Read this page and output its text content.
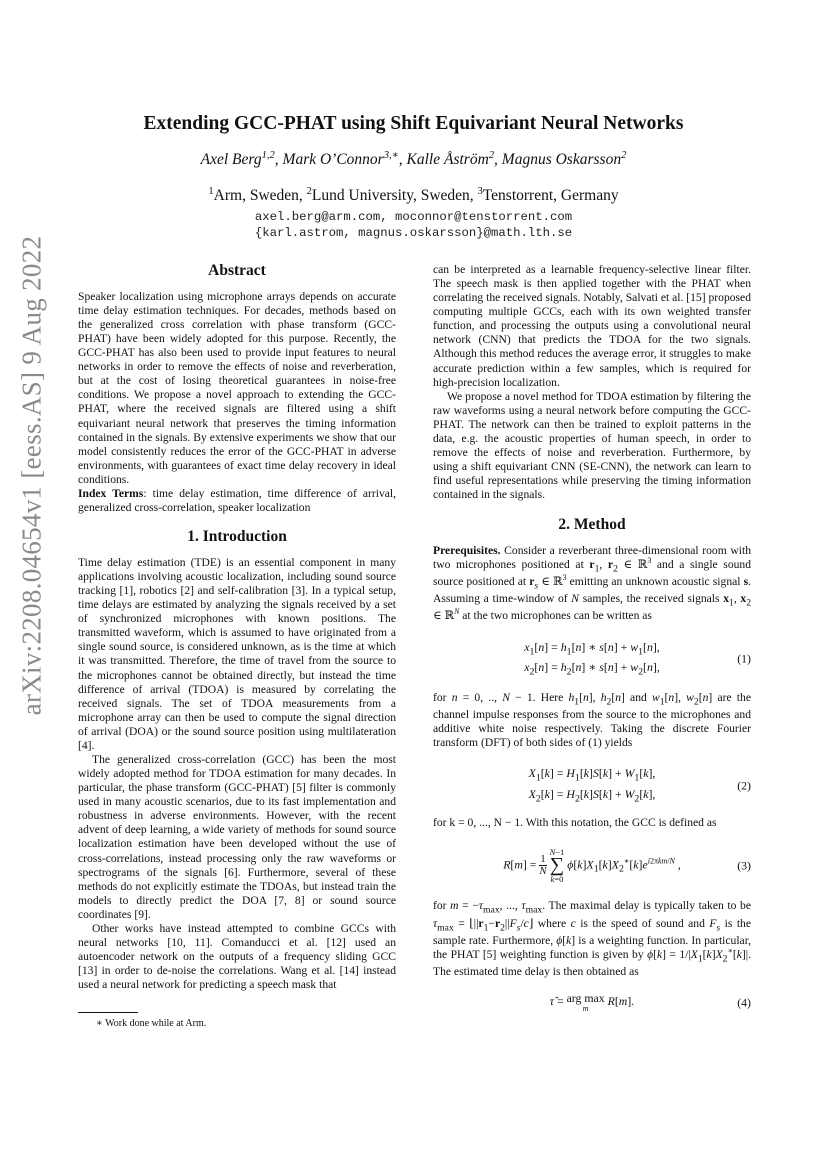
arXiv:2208.04654v1 [eess.AS] 9 Aug 2022
Extending GCC-PHAT using Shift Equivariant Neural Networks
Axel Berg$^{1,2}$, Mark O’Connor$^{3,∗}$, Kalle Åström$^2$, Magnus Oskarsson$^2$
$^1$Arm, Sweden, $^2$Lund University, Sweden, $^3$Tenstorrent, Germany
axel.berg@arm.com, moconnor@tenstorrent.com
{karl.astrom, magnus.oskarsson}@math.lth.se
Abstract

Speaker localization using microphone arrays depends on accurate time delay estimation techniques. For decades, methods based on the generalized cross correlation with phase transform (GCC-PHAT) have been widely adopted for this purpose. Recently, the GCC-PHAT has also been used to provide input features to neural networks in order to remove the effects of noise and reverberation, but at the cost of losing theoretical guarantees in noise-free conditions. We propose a novel approach to extending the GCC-PHAT, where the received signals are filtered using a shift equivariant neural network that preserves the timing information contained in the signals. By extensive experiments we show that our model consistently reduces the error of the GCC-PHAT in adverse environments, with guarantees of exact time delay recovery in ideal conditions.

Index Terms: time delay estimation, time difference of arrival, generalized cross-correlation, speaker localization

1. Introduction

Time delay estimation (TDE) is an essential component in many applications involving acoustic localization, including sound source tracking [1], robotics [2] and self-calibration [3]. In a typical setup, time delays are estimated by analyzing the signals received by a set of synchronized microphones with known positions. The transmitted waveform, which is assumed to have originated from a single sound source, is considered unknown, as is the time at which it was transmitted. Therefore, the time of travel from the source to the microphones cannot be obtained directly, but instead the time difference of arrival (TDOA) is measured by correlating the received signals. The set of TDOA measurements from a microphone array can then be used to compute the signal direction of arrival (DOA) or the sound source position using multilateration [4].

The generalized cross-correlation (GCC) has been the most widely adopted method for TDOA estimation for many decades. In particular, the phase transform (GCC-PHAT) [5] filter is commonly used in many acoustic scenarios, due to its fast implementation and robustness in adverse environments. However, with the recent advent of deep learning, a wide variety of methods for sound source localization estimation have been developed without the use of cross-correlations, instead processing only the raw waveforms or spectrograms of the signals [6]. Furthermore, several of these methods do not explicitly estimate the TDOAs, but instead train the models to directly predict the DOA [7, 8] or sound source coordinates [9].

Other works have instead attempted to combine GCCs with neural networks [10, 11]. Comanducci et al. [12] used an autoencoder network on the outputs of a frequency sliding GCC [13] in order to de-noise the correlations. Wang et al. [14] instead used a neural network for predicting a speech mask that

∗ Work done while at Arm.

can be interpreted as a learnable frequency-selective linear filter. The speech mask is then applied together with the PHAT when correlating the received signals. Notably, Salvati et al. [15] proposed computing multiple GCCs, each with its own weighted transfer function, and processing the outputs using a convolutional neural network (CNN) that predicts the TDOA for the two signals. Although this method reduces the average error, it struggles to make accurate prediction within a few samples, which is required for high-precision localization.

We propose a novel method for TDOA estimation by filtering the raw waveforms using a neural network before computing the GCC-PHAT. The network can then be trained to exploit patterns in the data, e.g. the acoustic properties of human speech, in order to remove the effects of noise and reverberation. Furthermore, by using a shift equivariant CNN (SE-CNN), the network can learn to find useful representations while preserving the timing information contained in the signals.

2. Method

Prerequisites. Consider a reverberant three-dimensional room with two microphones positioned at $r_1$, $r_2$ ∈ ℝ$^3$ and a single sound source positioned at $r_s$ ∈ ℝ$^3$ emitting an unknown acoustic signal s. Assuming a time-window of N samples, the received signals $x_1$, $x_2$ ∈ ℝ$^N$ at the two microphones can be written as

$x_1[n] = h_1[n]$ ∗ $s[n] + w_1[n]$,
$x_2[n] = h_2[n]$ ∗ $s[n] + w_2[n]$,
(1)

for n = 0, .., N − 1. Here $h_1[n]$, $h_2[n]$ and $w_1[n]$, $w_2[n]$ are the channel impulse responses from the source to the microphones and additive white noise respectively. Taking the discrete Fourier transform (DFT) of both sides of (1) yields

$X_1[k] = H_1[k]S[k] + W_1[k]$,
$X_2[k] = H_2[k]S[k] + W_2[k]$,
(2)

for k = 0, ..., N − 1. With this notation, the GCC is defined as

$R[m] = \frac{1}{N}$
N−1
∑
k=0
$\phi[k]X_1[k]X_2^∗[k]e^{i2\pi km/N}$ ,	(3)

for $m = -\tau_{max}$, ..., $\tau_{max}$. The maximal delay is typically taken to be $\tau_{max}$ = $⌊||r_1-r_2||F_s/c⌋$ where c is the speed of sound and $F_s$ is the sample rate. Furthermore, ϕ[k] is a weighting function. In particular, the PHAT [5] weighting function is given by $\phi[k] = 1/|X_1[k]X_2^∗[k]|$. The estimated time delay is then obtained as

τ̂ = arg max
m
R[m].	(4)
